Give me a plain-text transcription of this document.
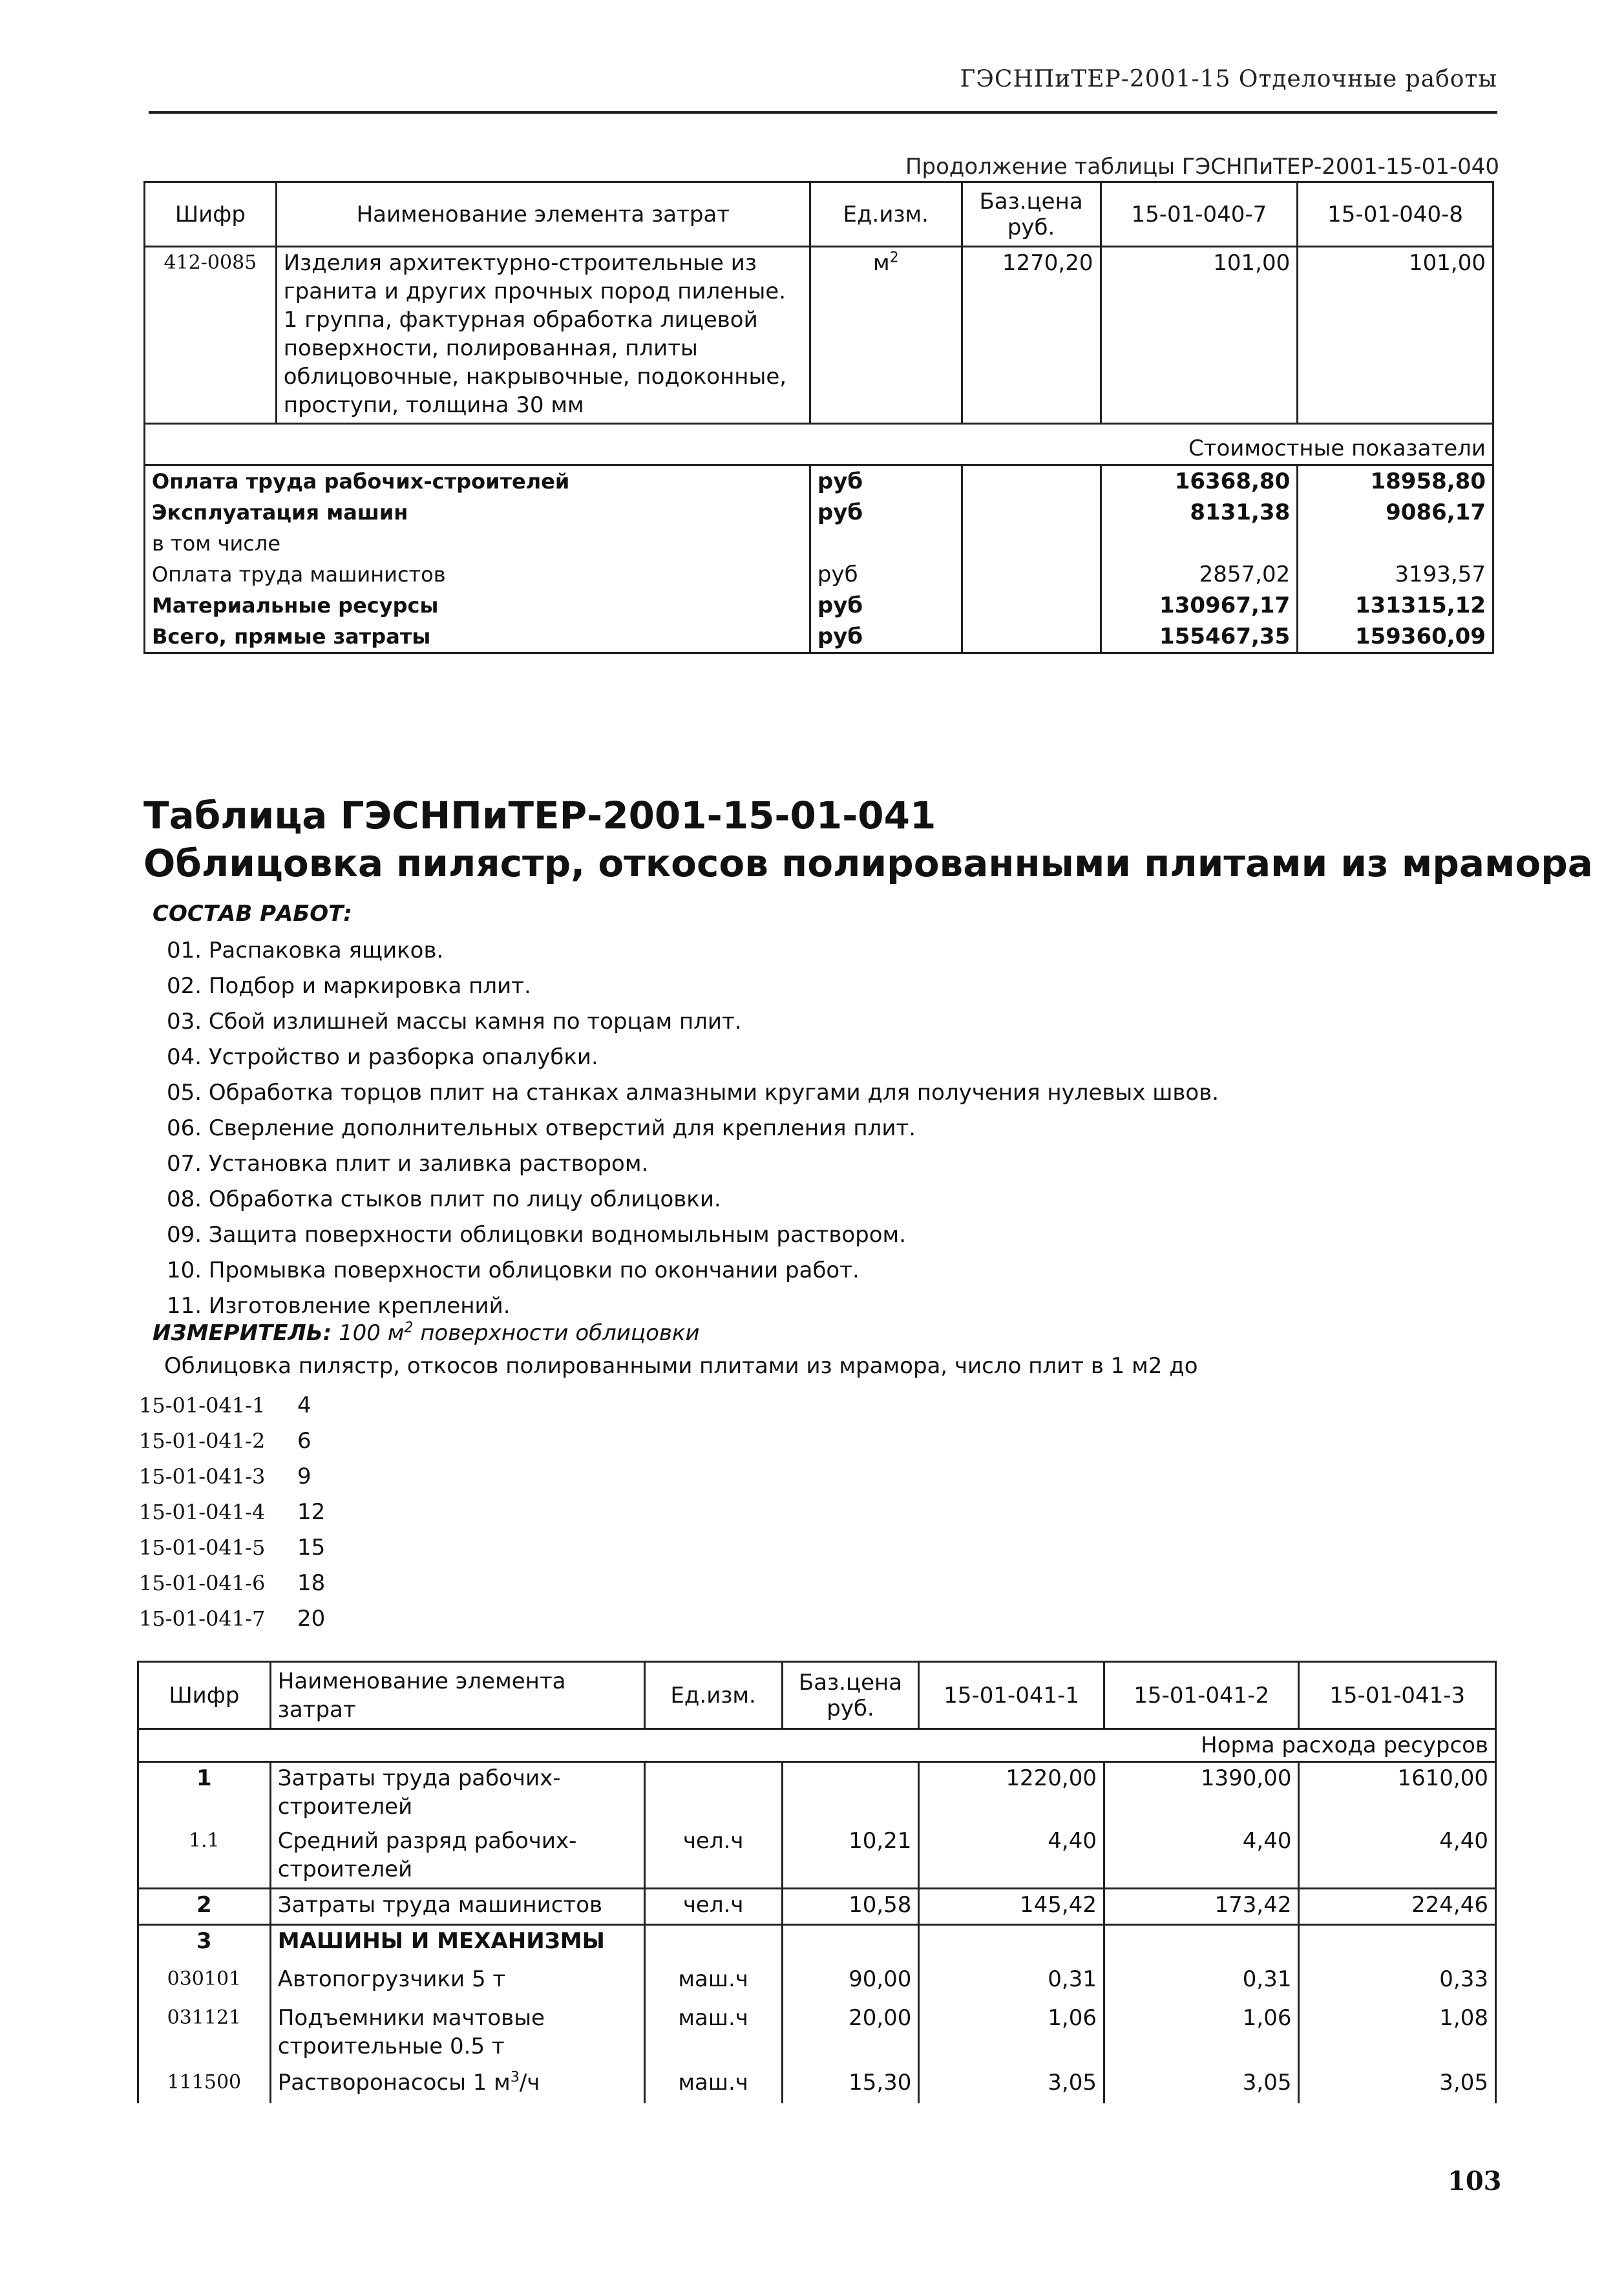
ГЭСНПиТЕР-2001-15 Отделочные работы
Продолжение таблицы ГЭСНПиТЕР-2001-15-01-040
Шифр	Наименование элемента затрат	Ед.изм.	Баз.цена руб.	15-01-040-7	15-01-040-8
412-0085	Изделия архитектурно-строительные из гранита и других прочных пород пиленые. 1 группа, фактурная обработка лицевой поверхности, полированная, плиты облицовочные, накрывочные, подоконные, проступи, толщина 30 мм	$м^2$	1270,20	101,00	101,00
Стоимостные показатели					
Оплата труда рабочих-строителей		руб		16368,80	18958,80
Эксплуатация машин		руб		8131,38	9086,17
в том числе					
Оплата труда машинистов		руб		2857,02	3193,57
Материальные ресурсы		руб		130967,17	131315,12
Всего, прямые затраты		руб		155467,35	159360,09
Таблица ГЭСНПиТЕР-2001-15-01-041
Облицовка пилястр, откосов полированными плитами из мрамора
СОСТАВ РАБОТ:
01. Распаковка ящиков.
02. Подбор и маркировка плит.
03. Сбой излишней массы камня по торцам плит.
04. Устройство и разборка опалубки.
05. Обработка торцов плит на станках алмазными кругами для получения нулевых швов.
06. Сверление дополнительных отверстий для крепления плит.
07. Установка плит и заливка раствором.
08. Обработка стыков плит по лицу облицовки.
09. Защита поверхности облицовки водномыльным раствором.
10. Промывка поверхности облицовки по окончании работ.
11. Изготовление креплений.
ИЗМЕРИТЕЛЬ: 100 $м^2$ поверхности облицовки
Облицовка пилястр, откосов полированными плитами из мрамора, число плит в 1 м2 до
15-01-041-1 4
15-01-041-2 6
15-01-041-3 9
15-01-041-4 12
15-01-041-5 15
15-01-041-6 18
15-01-041-7 20
Шифр	Наименование элемента затрат	Ед.изм.	Баз.цена руб.	15-01-041-1	15-01-041-2	15-01-041-3
Норма расхода ресурсов						
1	Затраты труда рабочих-строителей			1220,00	1390,00	1610,00
1.1	Средний разряд рабочих-строителей	чел.ч	10,21	4,40	4,40	4,40
2	Затраты труда машинистов	чел.ч	10,58	145,42	173,42	224,46
3	МАШИНЫ И МЕХАНИЗМЫ					
030101	Автопогрузчики 5 т	маш.ч	90,00	0,31	0,31	0,33
031121	Подъемники мачтовые строительные 0.5 т	маш.ч	20,00	1,06	1,06	1,08
111500	Растворонасосы 1 $м^3/ч$	маш.ч	15,30	3,05	3,05	3,05
103
